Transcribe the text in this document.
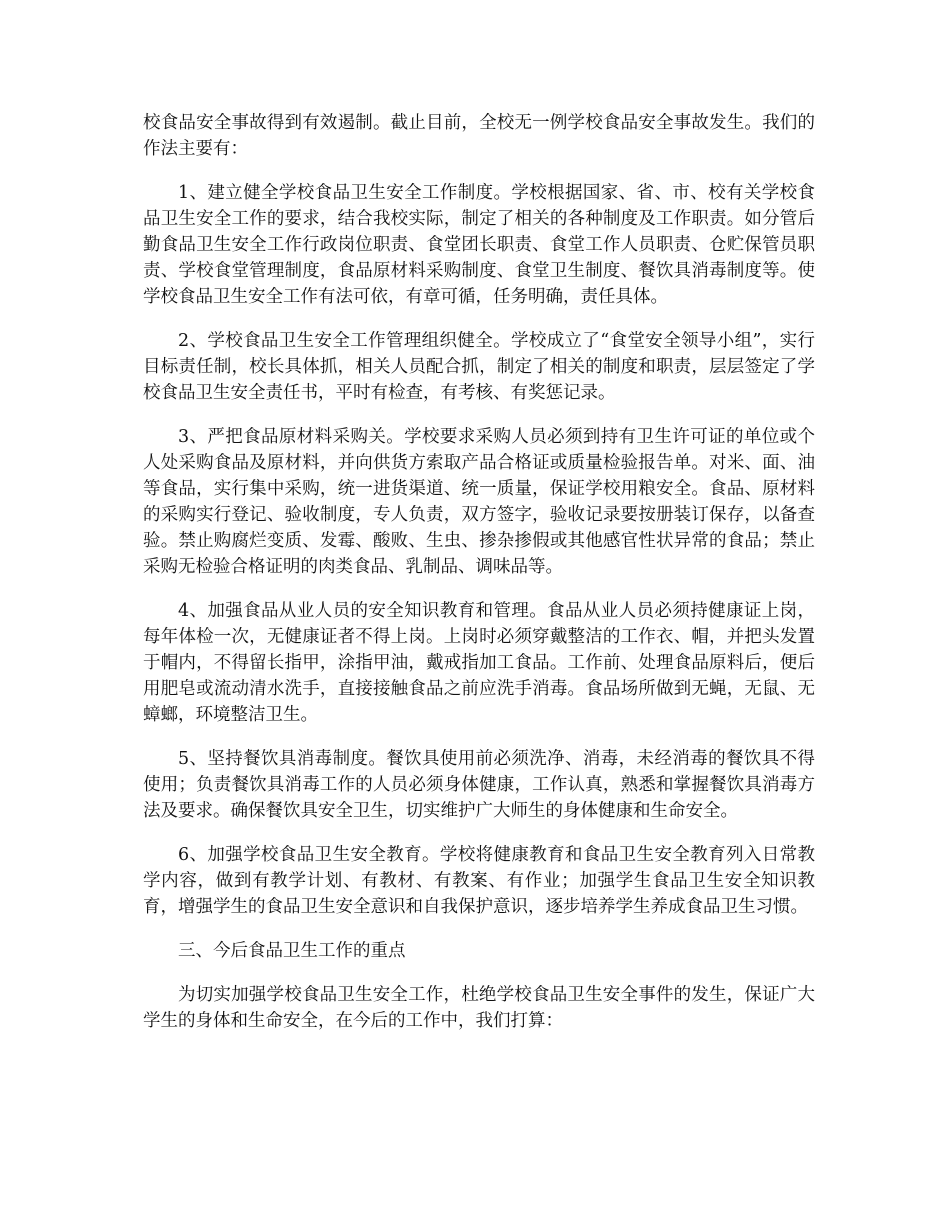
校食品安全事故得到有效遏制。截止目前，全校无一例学校食品安全事故发生。我们的作法主要有：

1、建立健全学校食品卫生安全工作制度。学校根据国家、省、市、校有关学校食品卫生安全工作的要求，结合我校实际，制定了相关的各种制度及工作职责。如分管后勤食品卫生安全工作行政岗位职责、食堂团长职责、食堂工作人员职责、仓贮保管员职责、学校食堂管理制度，食品原材料采购制度、食堂卫生制度、餐饮具消毒制度等。使学校食品卫生安全工作有法可依，有章可循，任务明确，责任具体。

2、学校食品卫生安全工作管理组织健全。学校成立了“食堂安全领导小组”，实行目标责任制，校长具体抓，相关人员配合抓，制定了相关的制度和职责，层层签定了学校食品卫生安全责任书，平时有检查，有考核、有奖惩记录。

3、严把食品原材料采购关。学校要求采购人员必须到持有卫生许可证的单位或个人处采购食品及原材料，并向供货方索取产品合格证或质量检验报告单。对米、面、油等食品，实行集中采购，统一进货渠道、统一质量，保证学校用粮安全。食品、原材料的采购实行登记、验收制度，专人负责，双方签字，验收记录要按册装订保存，以备查验。禁止购腐烂变质、发霉、酸败、生虫、掺杂掺假或其他感官性状异常的食品；禁止采购无检验合格证明的肉类食品、乳制品、调味品等。

4、加强食品从业人员的安全知识教育和管理。食品从业人员必须持健康证上岗，每年体检一次，无健康证者不得上岗。上岗时必须穿戴整洁的工作衣、帽，并把头发置于帽内，不得留长指甲，涂指甲油，戴戒指加工食品。工作前、处理食品原料后，便后用肥皂或流动清水洗手，直接接触食品之前应洗手消毒。食品场所做到无蝇，无鼠、无蟑螂，环境整洁卫生。

5、坚持餐饮具消毒制度。餐饮具使用前必须洗净、消毒，未经消毒的餐饮具不得使用；负责餐饮具消毒工作的人员必须身体健康，工作认真，熟悉和掌握餐饮具消毒方法及要求。确保餐饮具安全卫生，切实维护广大师生的身体健康和生命安全。

6、加强学校食品卫生安全教育。学校将健康教育和食品卫生安全教育列入日常教学内容，做到有教学计划、有教材、有教案、有作业；加强学生食品卫生安全知识教育，增强学生的食品卫生安全意识和自我保护意识，逐步培养学生养成食品卫生习惯。

三、今后食品卫生工作的重点

为切实加强学校食品卫生安全工作，杜绝学校食品卫生安全事件的发生，保证广大学生的身体和生命安全，在今后的工作中，我们打算：
